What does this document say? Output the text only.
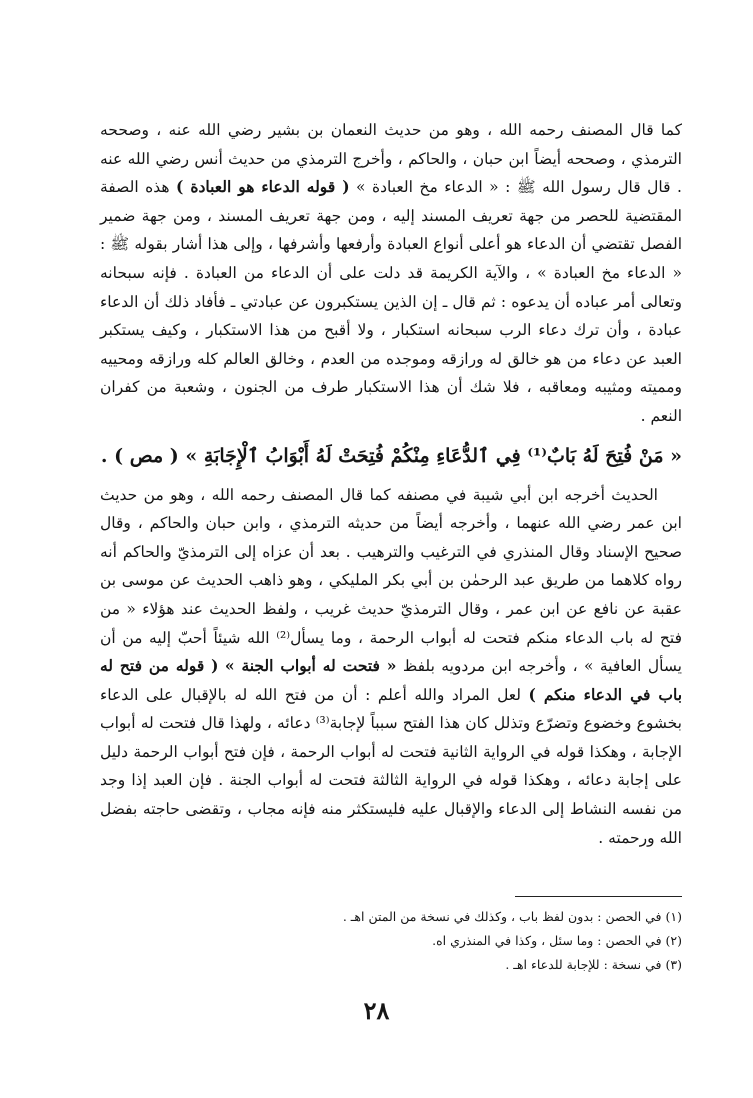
كما قال المصنف رحمه الله ، وهو من حديث النعمان بن بشير رضي الله عنه ، وصححه الترمذي ، وصححه أيضاً ابن حبان ، والحاكم ، وأخرج الترمذي من حديث أنس رضي الله عنه . قال قال رسول الله ﷺ : « الدعاء مخ العبادة » ( قوله الدعاء هو العبادة ) هذه الصفة المقتضية للحصر من جهة تعريف المسند إليه ، ومن جهة تعريف المسند ، ومن جهة ضمير الفصل تقتضي أن الدعاء هو أعلى أنواع العبادة وأرفعها وأشرفها ، وإلى هذا أشار بقوله ﷺ : « الدعاء مخ العبادة » ، والآية الكريمة قد دلت على أن الدعاء من العبادة . فإنه سبحانه وتعالى أمر عباده أن يدعوه : ثم قال ـ إن الذين يستكبرون عن عبادتي ـ فأفاد ذلك أن الدعاء عبادة ، وأن ترك دعاء الرب سبحانه استكبار ، ولا أقبح من هذا الاستكبار ، وكيف يستكبر العبد عن دعاء من هو خالق له ورازقه وموجده من العدم ، وخالق العالم كله ورازقه ومحييه ومميته ومثيبه ومعاقبه ، فلا شك أن هذا الاستكبار طرف من الجنون ، وشعبة من كفران النعم .

« مَنْ فُتِحَ لَهُ بَابٌ⁽¹⁾ فِي ٱلدُّعَاءِ مِنْكُمْ فُتِحَتْ لَهُ أَبْوَابُ ٱلْإِجَابَةِ » ( مص ) .

الحديث أخرجه ابن أبي شيبة في مصنفه كما قال المصنف رحمه الله ، وهو من حديث ابن عمر رضي الله عنهما ، وأخرجه أيضاً من حديثه الترمذي ، وابن حبان والحاكم ، وقال صحيح الإسناد وقال المنذري في الترغيب والترهيب . بعد أن عزاه إلى الترمذيّ والحاكم أنه رواه كلاهما من طريق عبد الرحمٰن بن أبي بكر المليكي ، وهو ذاهب الحديث عن موسى بن عقبة عن نافع عن ابن عمر ، وقال الترمذيّ حديث غريب ، ولفظ الحديث عند هؤلاء « من فتح له باب الدعاء منكم فتحت له أبواب الرحمة ، وما يسأل⁽²⁾ الله شيئاً أحبّ إليه من أن يسأل العافية » ، وأخرجه ابن مردويه بلفظ « فتحت له أبواب الجنة » ( قوله من فتح له باب في الدعاء منكم ) لعل المراد والله أعلم : أن من فتح الله له بالإقبال على الدعاء بخشوع وخضوع وتضرّع وتذلل كان هذا الفتح سبباً لإجابة⁽³⁾ دعائه ، ولهذا قال فتحت له أبواب الإجابة ، وهكذا قوله في الرواية الثانية فتحت له أبواب الرحمة ، فإن فتح أبواب الرحمة دليل على إجابة دعائه ، وهكذا قوله في الرواية الثالثة فتحت له أبواب الجنة . فإن العبد إذا وجد من نفسه النشاط إلى الدعاء والإقبال عليه فليستكثر منه فإنه مجاب ، وتقضى حاجته بفضل الله ورحمته .

(١) في الحصن : بدون لفظ باب ، وكذلك في نسخة من المتن اهـ .

(٢) في الحصن : وما سئل ، وكذا في المنذري اه.

(٣) في نسخة : للإجابة للدعاء اهـ .

٢٨
